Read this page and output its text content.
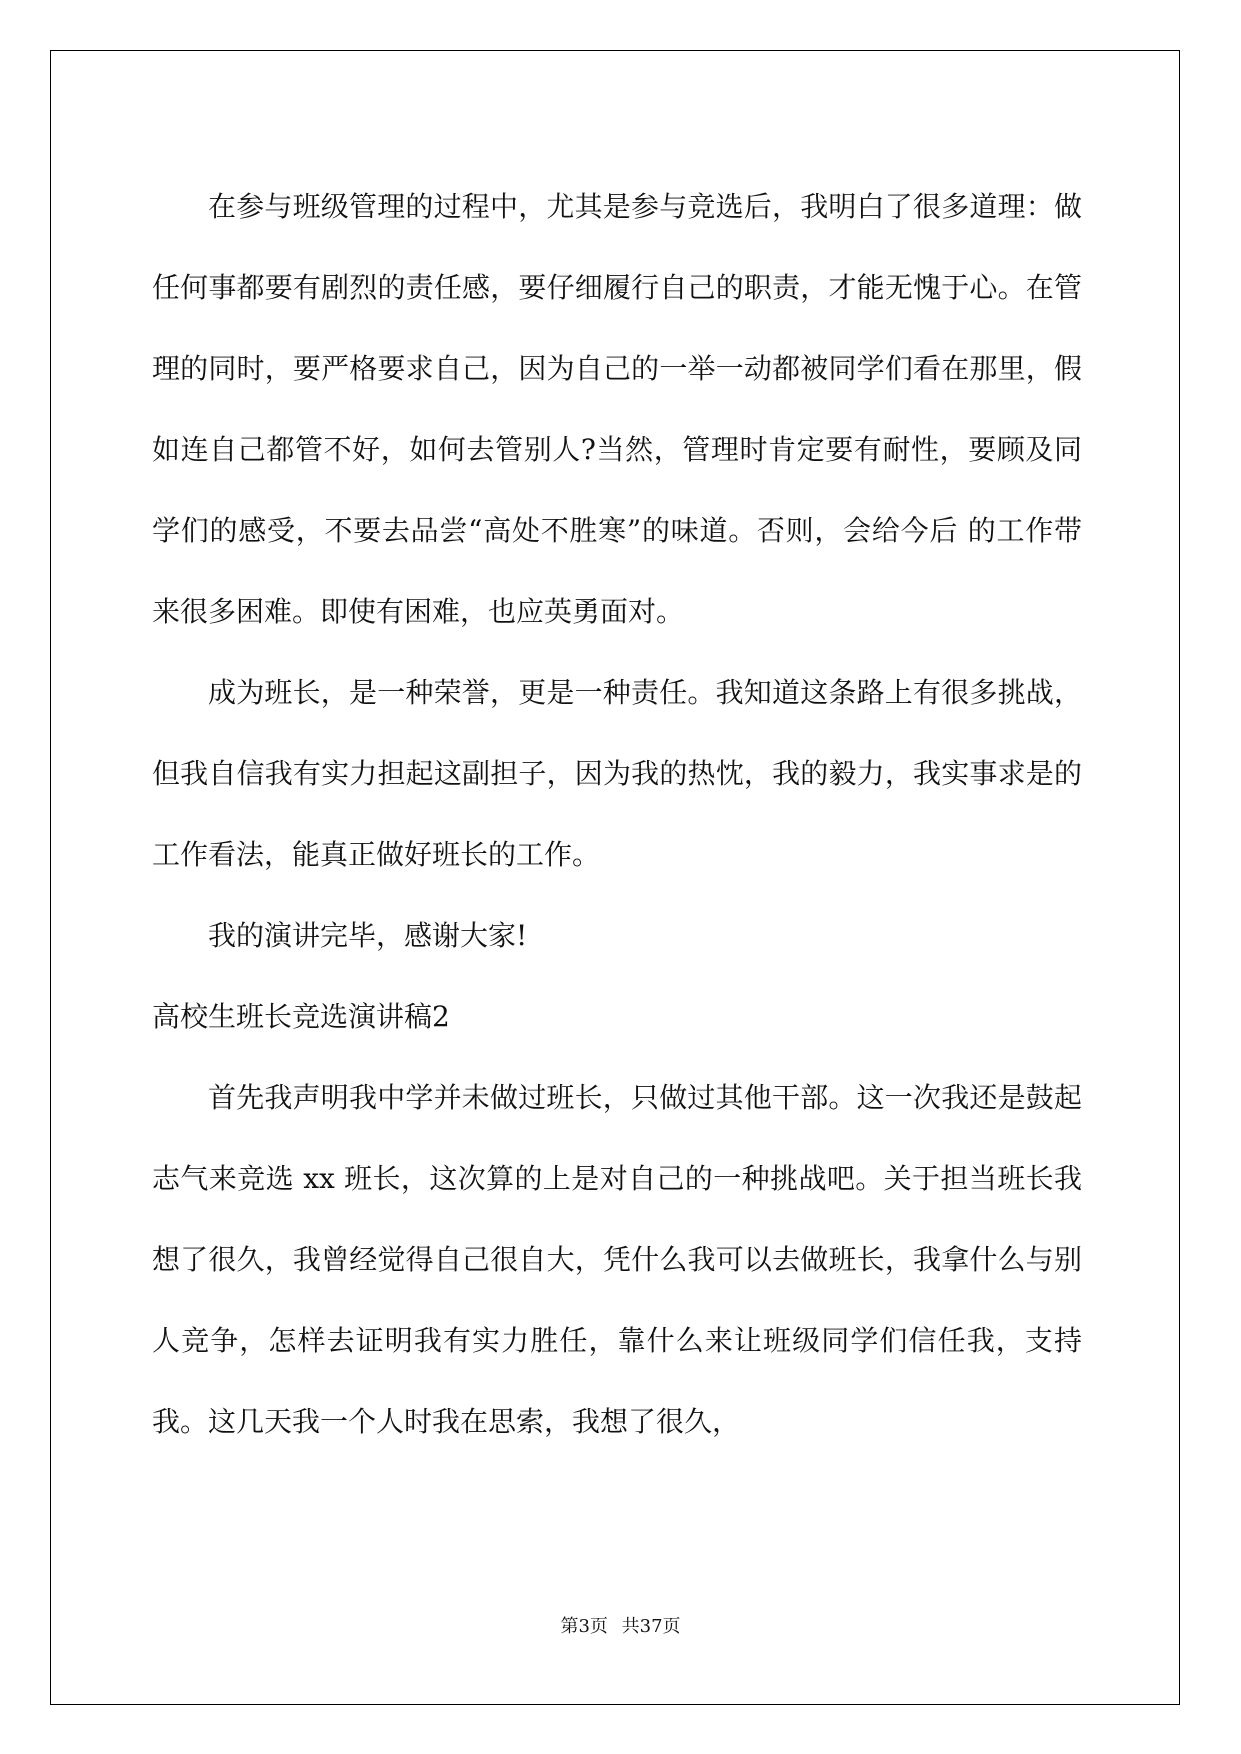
在参与班级管理的过程中，尤其是参与竞选后，我明白了很多道理：做任何事都要有剧烈的责任感，要仔细履行自己的职责，才能无愧于心。在管理的同时，要严格要求自己，因为自己的一举一动都被同学们看在那里，假如连自己都管不好，如何去管别人?当然，管理时肯定要有耐性，要顾及同学们的感受，不要去品尝“高处不胜寒”的味道。否则，会给今后 的工作带来很多困难。即使有困难，也应英勇面对。

成为班长，是一种荣誉，更是一种责任。我知道这条路上有很多挑战，但我自信我有实力担起这副担子，因为我的热忱，我的毅力，我实事求是的工作看法，能真正做好班长的工作。

我的演讲完毕，感谢大家!

高校生班长竞选演讲稿2

首先我声明我中学并未做过班长，只做过其他干部。这一次我还是鼓起志气来竞选 xx 班长，这次算的上是对自己的一种挑战吧。关于担当班长我想了很久，我曾经觉得自己很自大，凭什么我可以去做班长，我拿什么与别人竞争，怎样去证明我有实力胜任，靠什么来让班级同学们信任我，支持我。这几天我一个人时我在思索，我想了很久，

第3页 共37页
